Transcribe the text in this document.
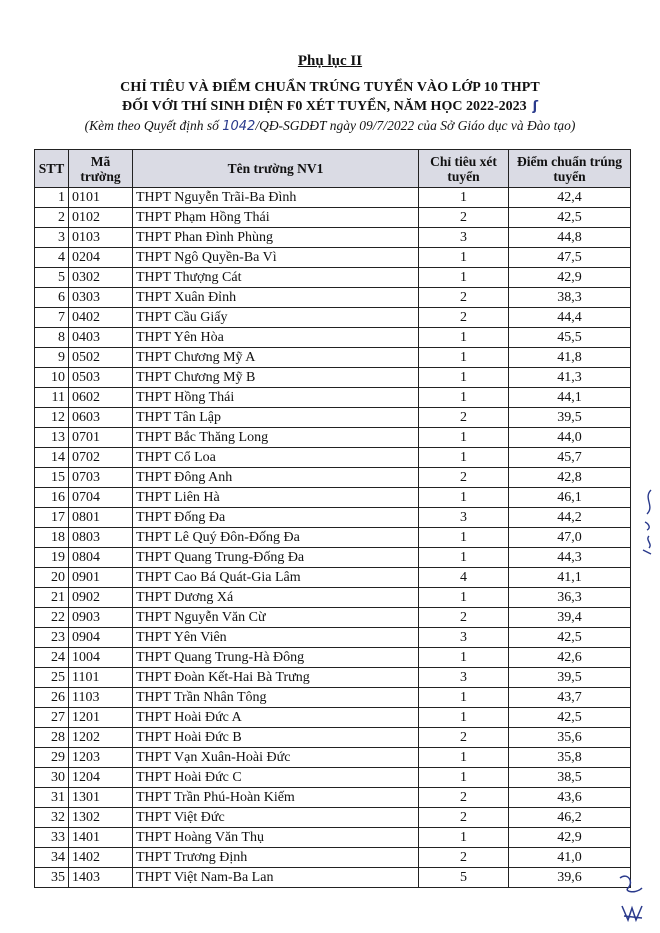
Phụ lục II
CHỈ TIÊU VÀ ĐIỂM CHUẨN TRÚNG TUYỂN VÀO LỚP 10 THPT
ĐỐI VỚI THÍ SINH DIỆN F0 XÉT TUYỂN, NĂM HỌC 2022-2023 ʃ
(Kèm theo Quyết định số 1042/QĐ-SGDĐT ngày 09/7/2022 của Sở Giáo dục và Đào tạo)
STT	Mã trường	Tên trường NV1	Chỉ tiêu xét tuyển	Điểm chuẩn trúng tuyển
1	0101	THPT Nguyễn Trãi-Ba Đình	1	42,4
2	0102	THPT Phạm Hồng Thái	2	42,5
3	0103	THPT Phan Đình Phùng	3	44,8
4	0204	THPT Ngô Quyền-Ba Vì	1	47,5
5	0302	THPT Thượng Cát	1	42,9
6	0303	THPT Xuân Đỉnh	2	38,3
7	0402	THPT Cầu Giấy	2	44,4
8	0403	THPT Yên Hòa	1	45,5
9	0502	THPT Chương Mỹ A	1	41,8
10	0503	THPT Chương Mỹ B	1	41,3
11	0602	THPT Hồng Thái	1	44,1
12	0603	THPT Tân Lập	2	39,5
13	0701	THPT Bắc Thăng Long	1	44,0
14	0702	THPT Cổ Loa	1	45,7
15	0703	THPT Đông Anh	2	42,8
16	0704	THPT Liên Hà	1	46,1
17	0801	THPT Đống Đa	3	44,2
18	0803	THPT Lê Quý Đôn-Đống Đa	1	47,0
19	0804	THPT Quang Trung-Đống Đa	1	44,3
20	0901	THPT Cao Bá Quát-Gia Lâm	4	41,1
21	0902	THPT Dương Xá	1	36,3
22	0903	THPT Nguyễn Văn Cừ	2	39,4
23	0904	THPT Yên Viên	3	42,5
24	1004	THPT Quang Trung-Hà Đông	1	42,6
25	1101	THPT Đoàn Kết-Hai Bà Trưng	3	39,5
26	1103	THPT Trần Nhân Tông	1	43,7
27	1201	THPT Hoài Đức A	1	42,5
28	1202	THPT Hoài Đức B	2	35,6
29	1203	THPT Vạn Xuân-Hoài Đức	1	35,8
30	1204	THPT Hoài Đức C	1	38,5
31	1301	THPT Trần Phú-Hoàn Kiếm	2	43,6
32	1302	THPT Việt Đức	2	46,2
33	1401	THPT Hoàng Văn Thụ	1	42,9
34	1402	THPT Trương Định	2	41,0
35	1403	THPT Việt Nam-Ba Lan	5	39,6
